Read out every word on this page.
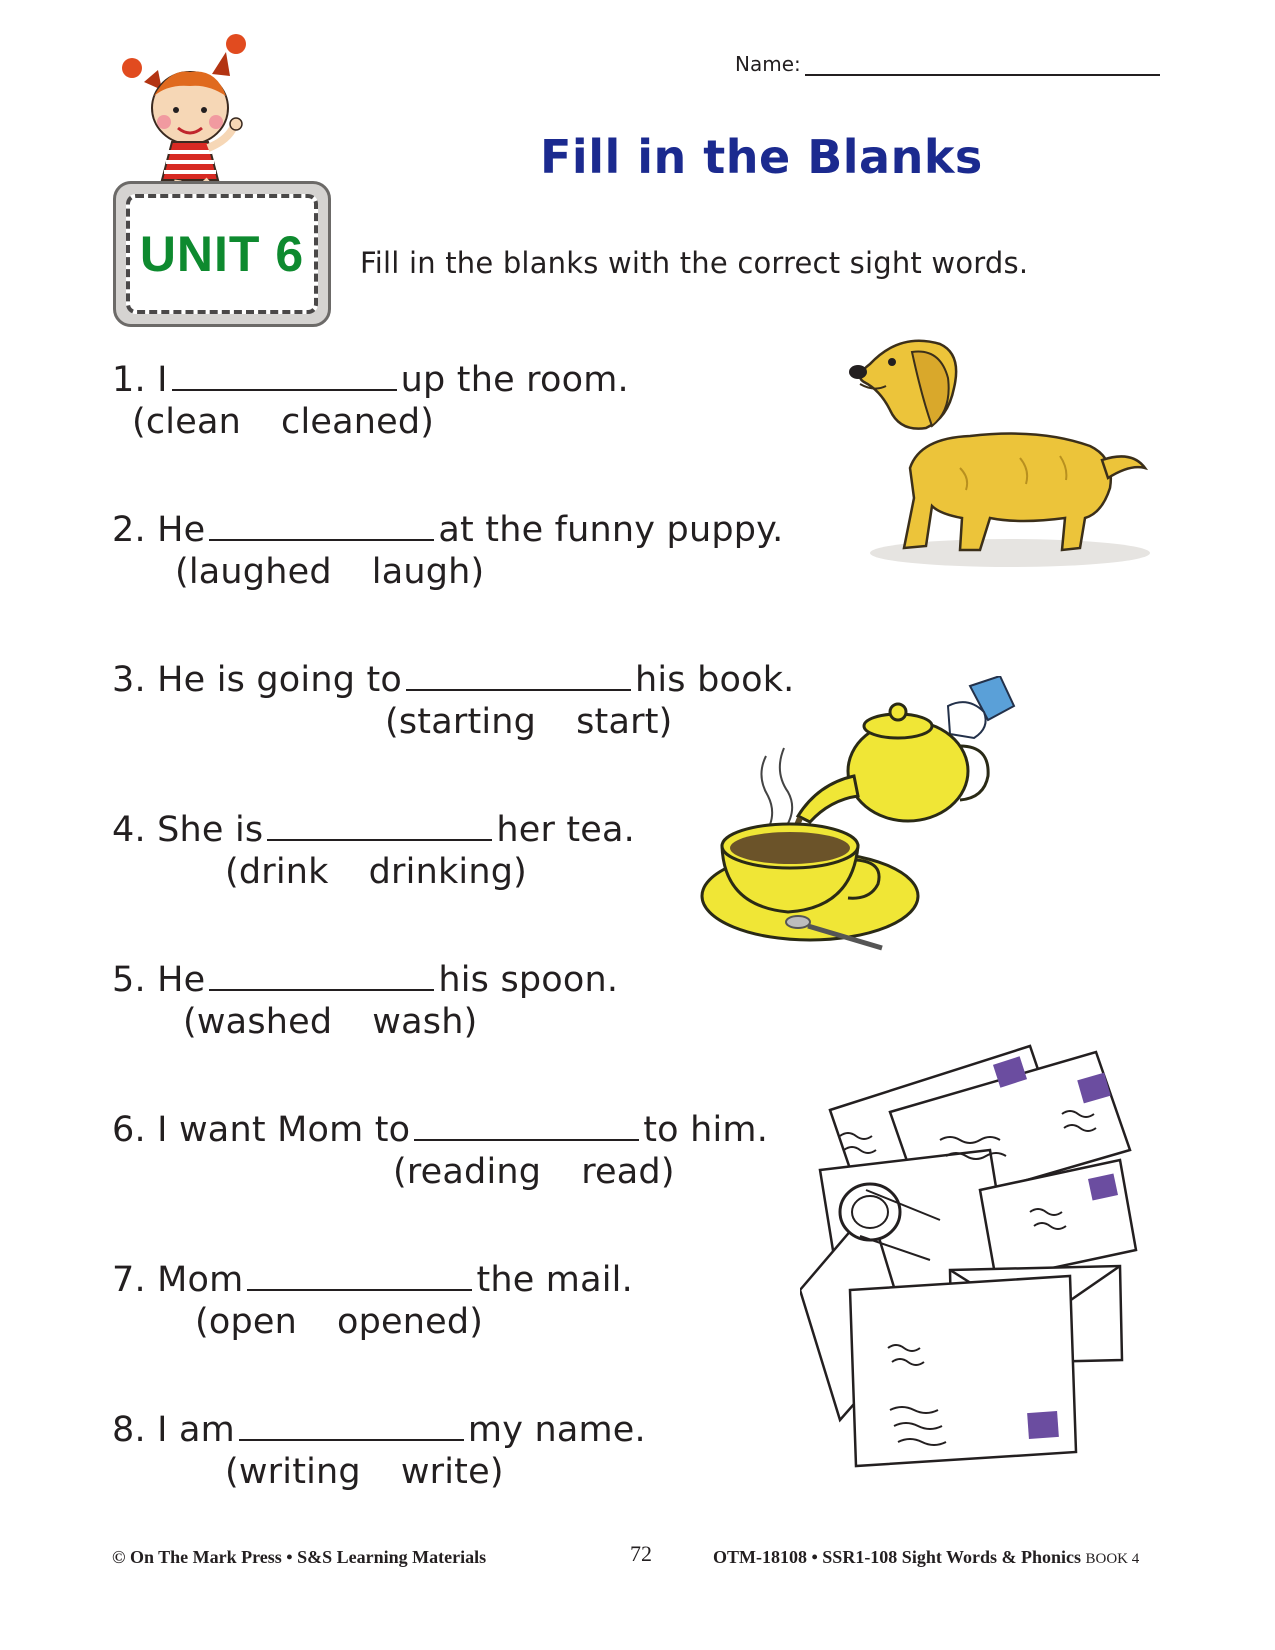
Name:
Fill in the Blanks
UNIT 6 Fill in the blanks with the correct sight words.
1. I	up the room.
(clean cleaned)
2. He	at the funny puppy.
(laughed laugh)
3. He is going to	his book.
(starting start)
4. She is	her tea.
(drink drinking)
5. He	his spoon.
(washed wash)
6. I want Mom to	to him.
(reading read)
7. Mom	the mail.
(open opened)
8. I am	my name.
(writing write)
© On The Mark Press • S&S Learning Materials	72	OTM-18108 • SSR1-108 Sight Words & Phonics BOOK 4
